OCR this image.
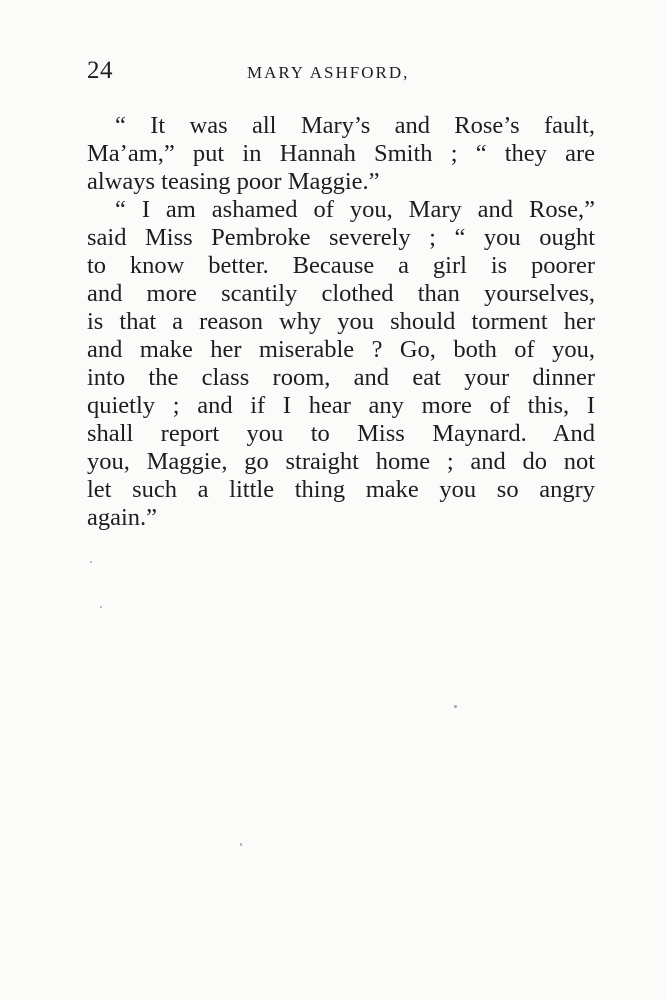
24	MARY ASHFORD,
“ It was all Mary’s and Rose’s fault,
Ma’am,” put in Hannah Smith ; “ they are
always teasing poor Maggie.”
“ I am ashamed of you, Mary and Rose,”
said Miss Pembroke severely ; “ you ought
to know better. Because a girl is poorer
and more scantily clothed than yourselves,
is that a reason why you should torment her
and make her miserable ? Go, both of you,
into the class room, and eat your dinner
quietly ; and if I hear any more of this, I
shall report you to Miss Maynard. And
you, Maggie, go straight home ; and do not
let such a little thing make you so angry
again.”
